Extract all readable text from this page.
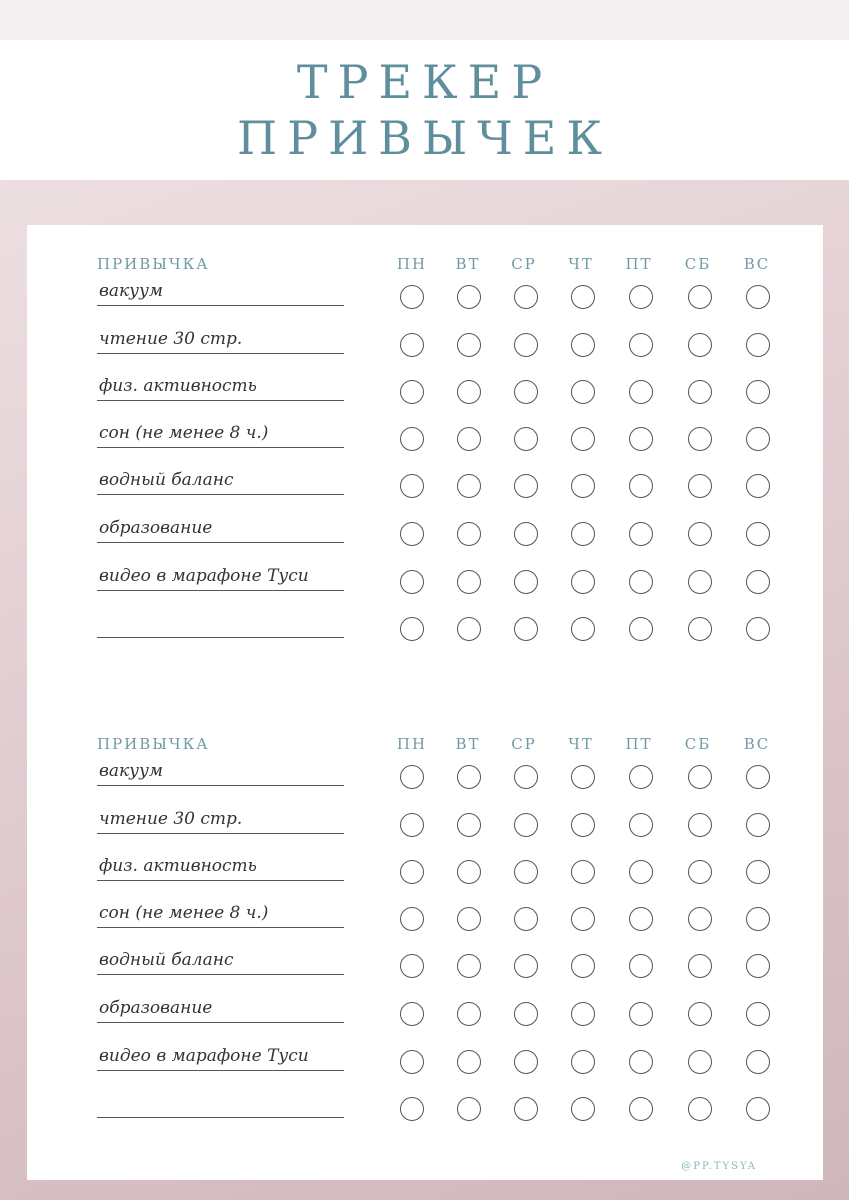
ТРЕКЕР
ПРИВЫЧЕК
ПРИВЫЧКА	ПН	ВТ	СР	ЧТ	ПТ	СБ	ВС
вакуум
чтение 30 стр.
физ. активность
сон (не менее 8 ч.)
водный баланс
образование
видео в марафоне Туси
ПРИВЫЧКА	ПН	ВТ	СР	ЧТ	ПТ	СБ	ВС
вакуум
чтение 30 стр.
физ. активность
сон (не менее 8 ч.)
водный баланс
образование
видео в марафоне Туси
@PP.TYSYA
